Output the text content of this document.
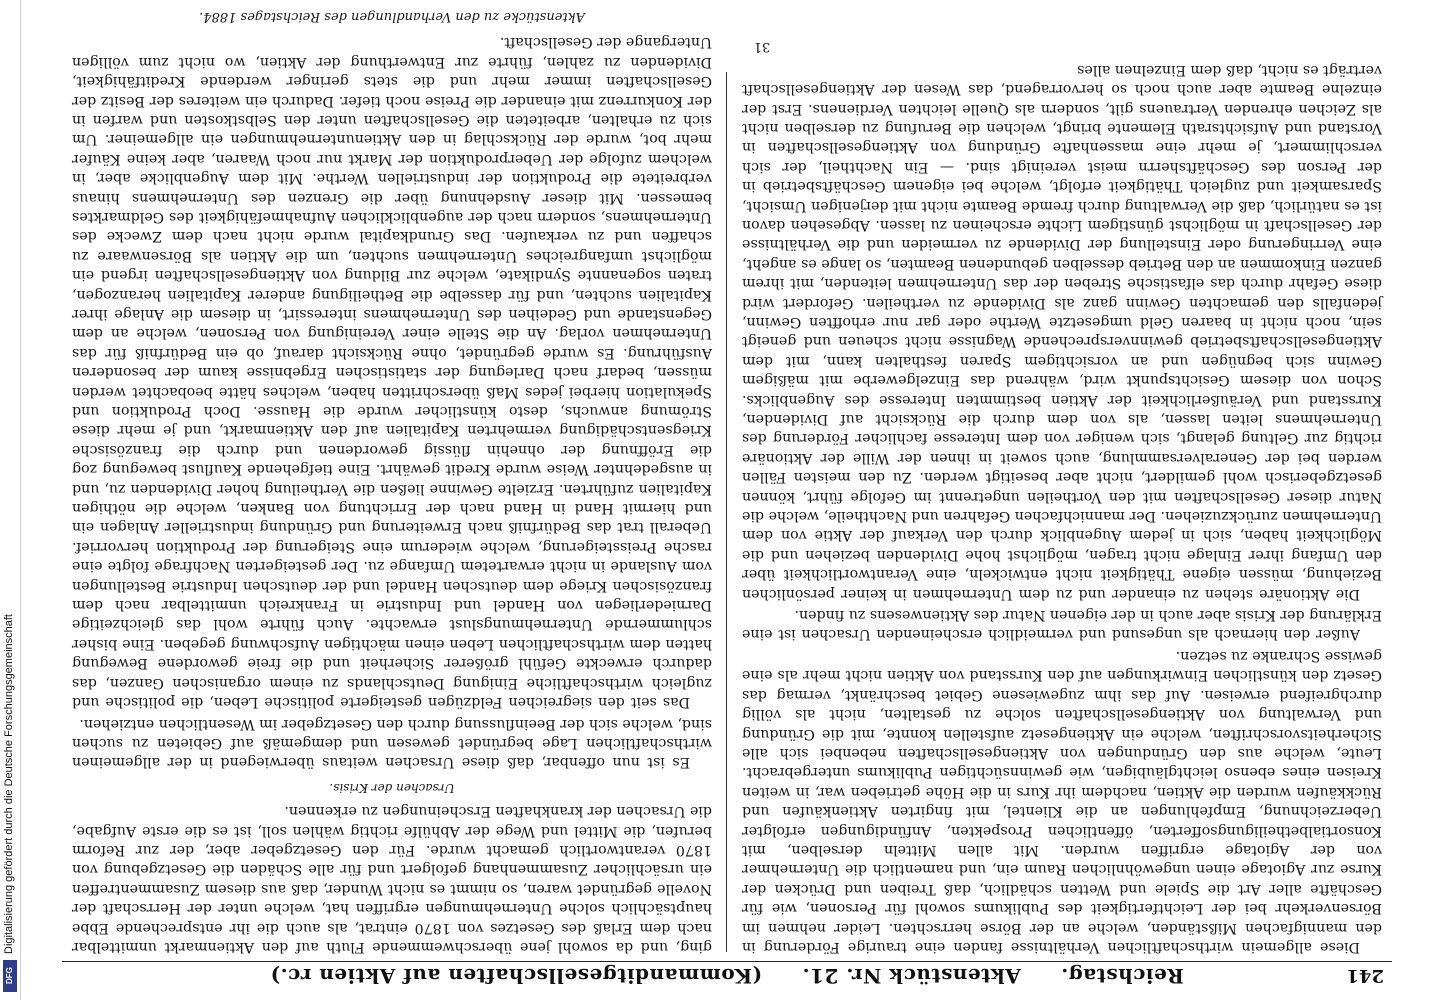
Digitalisierung gefördert durch die Deutsche Forschungsgemeinschaft
DFG	241
Reichstag.Aktenstück Nr. 21.(Kommanditgesellschaften auf Aktien rc.)

Diese allgemein wirthschaftlichen Verhältnisse fanden eine traurige Förderung in den mannigfachen Mißständen, welche an der Börse herrschten. Leider nehmen im Börsenverkehr bei der Leichtfertigkeit des Publikums sowohl für Personen, wie für Geschäfte aller Art die Spiele und Wetten schädlich, daß Treiben und Drücken der Kurse zur Agiotage einen ungewöhnlichen Raum ein, und namentlich die Unternehmer von der Agiotage ergriffen wurden. Mit allen Mitteln derselben, mit Konsortialbetheiligungsofferten, öffentlichen Prospekten, Anfündigungen erfolgter Ueberzeichnung, Empfehlungen an die Klientel, mit fingirten Aktienkäufen und Rückkäufen wurden die Aktien, nachdem ihr Kurs in die Höhe getrieben war, in weiten Kreisen eines ebenso leichtgläubigen, wie gewinnsüchtigen Publikums untergebracht. Leute, welche aus den Gründungen von Aktiengesellschaften nebenbei sich alle Sicherheitsvorschriften, welche ein Aktiengesetz aufstellen konnte, mit die Gründung und Verwaltung von Aktiengesellschaften solche zu gestalten, nicht als völlig durchgreifend erweisen. Auf das ihm zugewiesene Gebiet beschränkt, vermag das Gesetz den künstlichen Einwirkungen auf den Kursstand von Aktien nicht mehr als eine gewisse Schranke zu setzen.

Außer den hiernach als ungesund und vermeidlich erscheinenden Ursachen ist eine Erklärung der Krisis aber auch in der eigenen Natur des Aktienwesens zu finden.

Die Aktionäre stehen zu einander und zu dem Unternehmen in keiner persönlichen Beziehung, müssen eigene Thätigkeit nicht entwickeln, eine Verantwortlichkeit über den Umfang ihrer Einlage nicht tragen, möglichst hohe Dividenden beziehen und die Möglichkeit haben, sich in jedem Augenblick durch den Verkauf der Aktie von dem Unternehmen zurückzuziehen. Der mannichfachen Gefahren und Nachtheile, welche die Natur dieser Gesellschaften mit den Vortheilen ungetrennt im Gefolge führt, können gesetzgeberisch wohl gemildert, nicht aber beseitigt werden. Zu den meisten Fällen werden bei der Generalversammlung, auch soweit in ihnen der Wille der Aktionäre richtig zur Geltung gelangt, sich weniger von dem Interesse fachlicher Förderung des Unternehmens leiten lassen, als von dem durch die Rücksicht auf Dividenden, Kursstand und Veräußerlichkeit der Aktien bestimmten Interesse des Augenblicks. Schon von diesem Gesichtspunkt wird, während das Einzelgewerbe mit mäßigem Gewinn sich begnügen und an vorsichtigem Sparen festhalten kann, mit dem Aktiengesellschaftsbetrieb gewinnversprechende Wagnisse nicht scheuen und geneigt sein, noch nicht in baaren Geld umgesetzte Werthe oder gar nur erhofften Gewinn, jedenfalls den gemachten Gewinn ganz als Dividende zu vertheilen. Gefordert wird diese Gefahr durch das elfastische Streben der das Unternehmen leitenden, mit ihrem ganzen Einkommen an den Betrieb desselben gebundenen Beamten, so lange es angeht, eine Verringerung oder Einstellung der Dividende zu vermeiden und die Verhältnisse der Gesellschaft in möglichst günstigem Lichte erscheinen zu lassen. Abgesehen davon ist es natürlich, daß die Verwaltung durch fremde Beamte nicht mit derjenigen Umsicht, Sparsamkeit und zugleich Thätigkeit erfolgt, welche bei eigenem Geschäftsbetrieb in der Person des Geschäftsherrn meist vereinigt sind. — Ein Nachtheil, der sich verschlimmert, je mehr eine massenhafte Gründung von Aktiengesellschaften in Vorstand und Aufsichtsrath Elemente bringt, welchen die Berufung zu derselben nicht als Zeichen ehrenden Vertrauens gilt, sondern als Quelle leichten Verdienens. Erst der einzelne Beamte aber auch noch so hervorragend, das Wesen der Aktiengesellschaft verträgt es nicht, daß dem Einzelnen alles

ging, und da sowohl jene überschwemmende Fluth auf den Aktienmarkt unmittelbar nach dem Erlaß des Gesetzes von 1870 eintrat, als auch die ihr entsprechende Ebbe hauptsächlich solche Unternehmungen ergriffen hat, welche unter der Herrschaft der Novelle gegründet waren, so nimmt es nicht Wunder, daß aus diesem Zusammentreffen ein ursächlicher Zusammenhang gefolgert und für alle Schäden die Gesetzgebung von 1870 verantwortlich gemacht wurde. Für den Gesetzgeber aber, der zur Reform berufen, die Mittel und Wege der Abhülfe richtig wählen soll, ist es die erste Aufgabe, die Ursachen der krankhaften Erscheinungen zu erkennen.

Ursachen der Krisis.

Es ist nun offenbar, daß diese Ursachen weitaus überwiegend in der allgemeinen wirthschaftlichen Lage begründet gewesen und demgemäß auf Gebieten zu suchen sind, welche sich der Beeinflussung durch den Gesetzgeber im Wesentlichen entziehen.

Das seit den siegreichen Feldzügen gesteigerte politische Leben, die politische und zugleich wirthschaftliche Einigung Deutschlands zu einem organischen Ganzen, das dadurch erweckte Gefühl größerer Sicherheit und die freie gewordene Bewegung hatten dem wirthschaftlichen Leben einen mächtigen Aufschwung gegeben. Eine bisher schlummernde Unternehmungslust erwachte. Auch führte wohl das gleichzeitige Darniederliegen von Handel und Industrie in Frankreich unmittelbar nach dem französischen Kriege dem deutschen Handel und der deutschen Industrie Bestellungen vom Auslande in nicht erwartetem Umfange zu. Der gesteigerten Nachfrage folgte eine rasche Preissteigerung, welche wiederum eine Steigerung der Produktion hervorrief. Ueberall trat das Bedürfniß nach Erweiterung und Gründung industrieller Anlagen ein und hiermit Hand in Hand nach der Errichtung von Banken, welche die nöthigen Kapitalien zuführten. Erzielte Gewinne ließen die Vertheilung hoher Dividenden zu, und in ausgedehnter Weise wurde Kredit gewährt. Eine tiefgehende Kauflust bewegung zog die Eröffnung der ohnehin flüssig gewordenen und durch die französische Kriegsentschädigung vermehrten Kapitalien auf den Aktienmarkt, und je mehr diese Strömung anwuchs, desto künstlicher wurde die Hausse. Doch Produktion und Spekulation hierbei jedes Maß überschritten haben, welches hätte beobachtet werden müssen, bedarf nach Darlegung der statistischen Ergebnisse kaum der besonderen Ausführung. Es wurde gegründet, ohne Rücksicht darauf, ob ein Bedürfniß für das Unternehmen vorlag. An die Stelle einer Vereinigung von Personen, welche an dem Gegenstande und Gedeihen des Unternehmens interessirt, in diesem die Anlage ihrer Kapitalien suchten, und für dasselbe die Betheiligung anderer Kapitalien heranzogen, traten sogenannte Syndikate, welche zur Bildung von Aktiengesellschaften irgend ein möglichst umfangreiches Unternehmen suchten, um die Aktien als Börsenwaare zu schaffen und zu verkaufen. Das Grundkapital wurde nicht nach dem Zwecke des Unternehmens, sondern nach der augenblicklichen Aufnahmefähigkeit des Geldmarktes bemessen. Mit dieser Ausdehnung über die Grenzen des Unternehmens hinaus verbreitete die Produktion der industriellen Werthe. Mit dem Augenblicke aber, in welchem zufolge der Ueberproduktion der Markt nur noch Waaren, aber keine Käufer mehr bot, wurde der Rückschlag in den Aktienunternehmungen ein allgemeiner. Um sich zu erhalten, arbeiteten die Gesellschaften unter den Selbstkosten und warfen in der Konkurrenz mit einander die Preise noch tiefer. Dadurch ein weiteres der Besitz der Gesellschaften immer mehr und die stets geringer werdende Kreditfähigkeit, Dividenden zu zahlen, führte zur Entwerthung der Aktien, wo nicht zum völligen Untergange der Gesellschaft.

Aktenstücke zu den Verhandlungen des Reichstages 1884.
31
